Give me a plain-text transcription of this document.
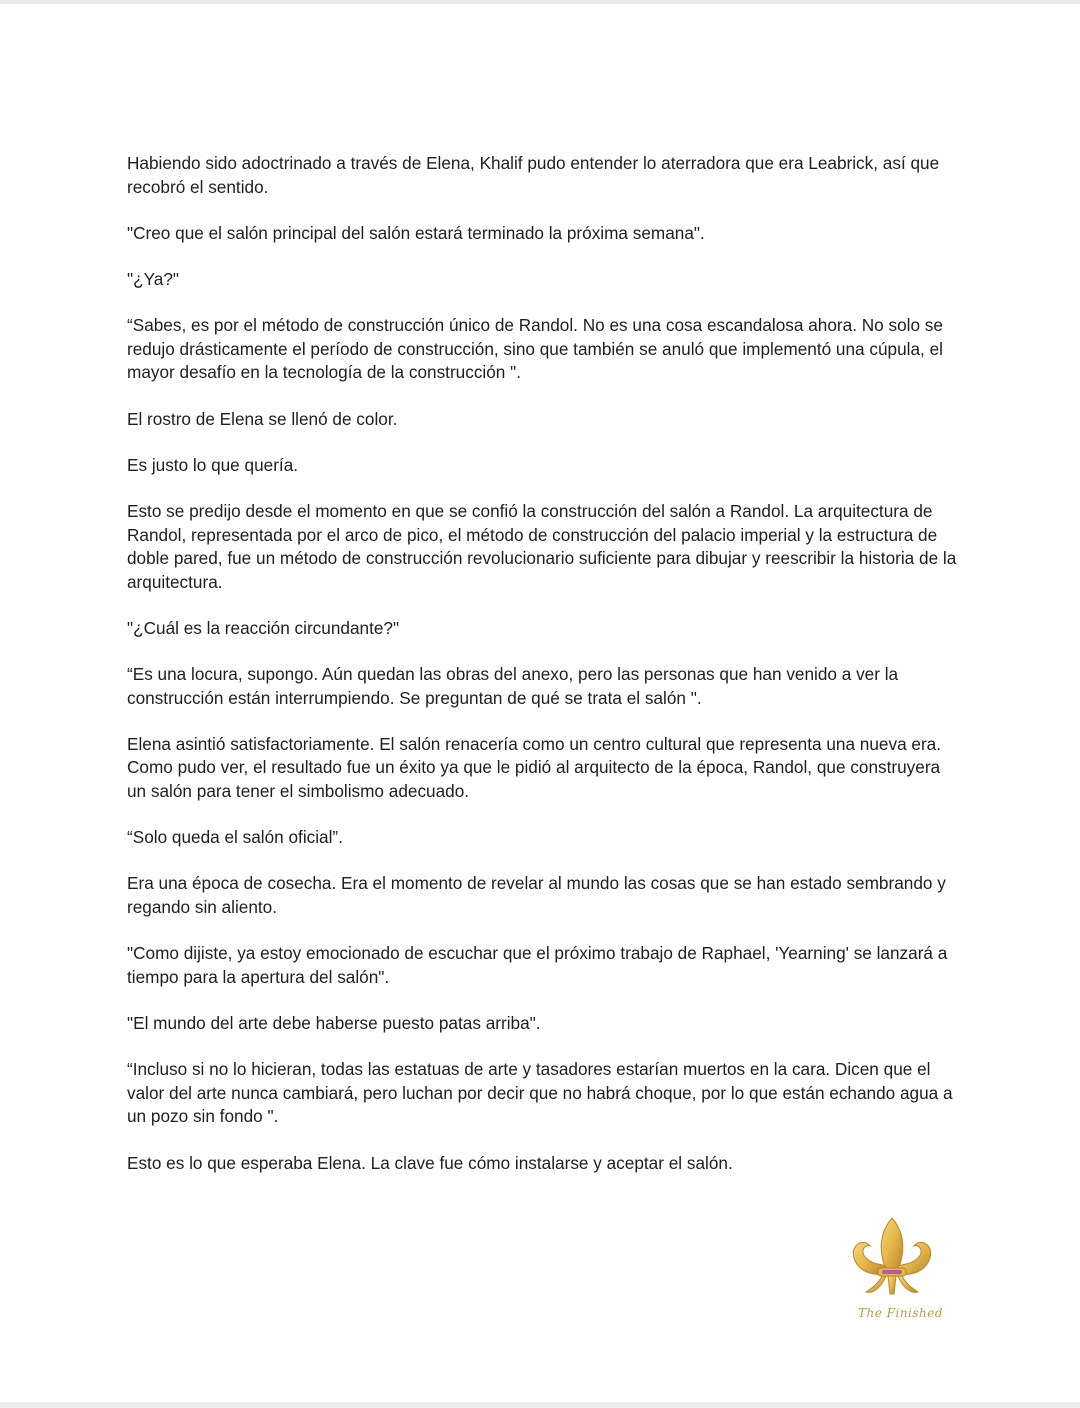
Habiendo sido adoctrinado a través de Elena, Khalif pudo entender lo aterradora que era Leabrick, así que recobró el sentido.

"Creo que el salón principal del salón estará terminado la próxima semana".

"¿Ya?"

“Sabes, es por el método de construcción único de Randol. No es una cosa escandalosa ahora. No solo se redujo drásticamente el período de construcción, sino que también se anuló que implementó una cúpula, el mayor desafío en la tecnología de la construcción ".

El rostro de Elena se llenó de color.

Es justo lo que quería.

Esto se predijo desde el momento en que se confió la construcción del salón a Randol. La arquitectura de Randol, representada por el arco de pico, el método de construcción del palacio imperial y la estructura de doble pared, fue un método de construcción revolucionario suficiente para dibujar y reescribir la historia de la arquitectura.

"¿Cuál es la reacción circundante?"

“Es una locura, supongo. Aún quedan las obras del anexo, pero las personas que han venido a ver la construcción están interrumpiendo. Se preguntan de qué se trata el salón ".

Elena asintió satisfactoriamente. El salón renacería como un centro cultural que representa una nueva era. Como pudo ver, el resultado fue un éxito ya que le pidió al arquitecto de la época, Randol, que construyera un salón para tener el simbolismo adecuado.

“Solo queda el salón oficial”.

Era una época de cosecha. Era el momento de revelar al mundo las cosas que se han estado sembrando y regando sin aliento.

"Como dijiste, ya estoy emocionado de escuchar que el próximo trabajo de Raphael, 'Yearning' se lanzará a tiempo para la apertura del salón".

"El mundo del arte debe haberse puesto patas arriba".

“Incluso si no lo hicieran, todas las estatuas de arte y tasadores estarían muertos en la cara. Dicen que el valor del arte nunca cambiará, pero luchan por decir que no habrá choque, por lo que están echando agua a un pozo sin fondo ".

Esto es lo que esperaba Elena. La clave fue cómo instalarse y aceptar el salón.

The Finished
